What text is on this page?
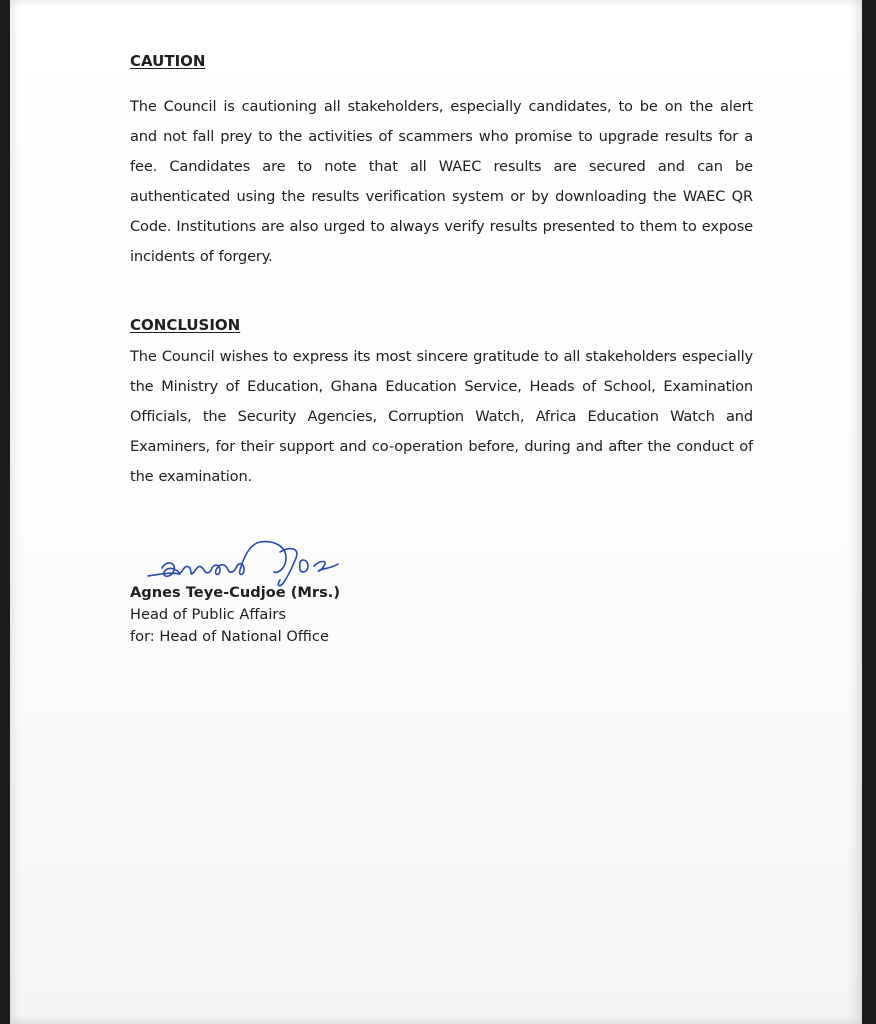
CAUTION

The Council is cautioning all stakeholders, especially candidates, to be on the alert and not fall prey to the activities of scammers who promise to upgrade results for a fee. Candidates are to note that all WAEC results are secured and can be authenticated using the results verification system or by downloading the WAEC QR Code. Institutions are also urged to always verify results presented to them to expose incidents of forgery.

CONCLUSION

The Council wishes to express its most sincere gratitude to all stakeholders especially the Ministry of Education, Ghana Education Service, Heads of School, Examination Officials, the Security Agencies, Corruption Watch, Africa Education Watch and Examiners, for their support and co-operation before, during and after the conduct of the examination.

Agnes Teye-Cudjoe (Mrs.)
Head of Public Affairs
for: Head of National Office
